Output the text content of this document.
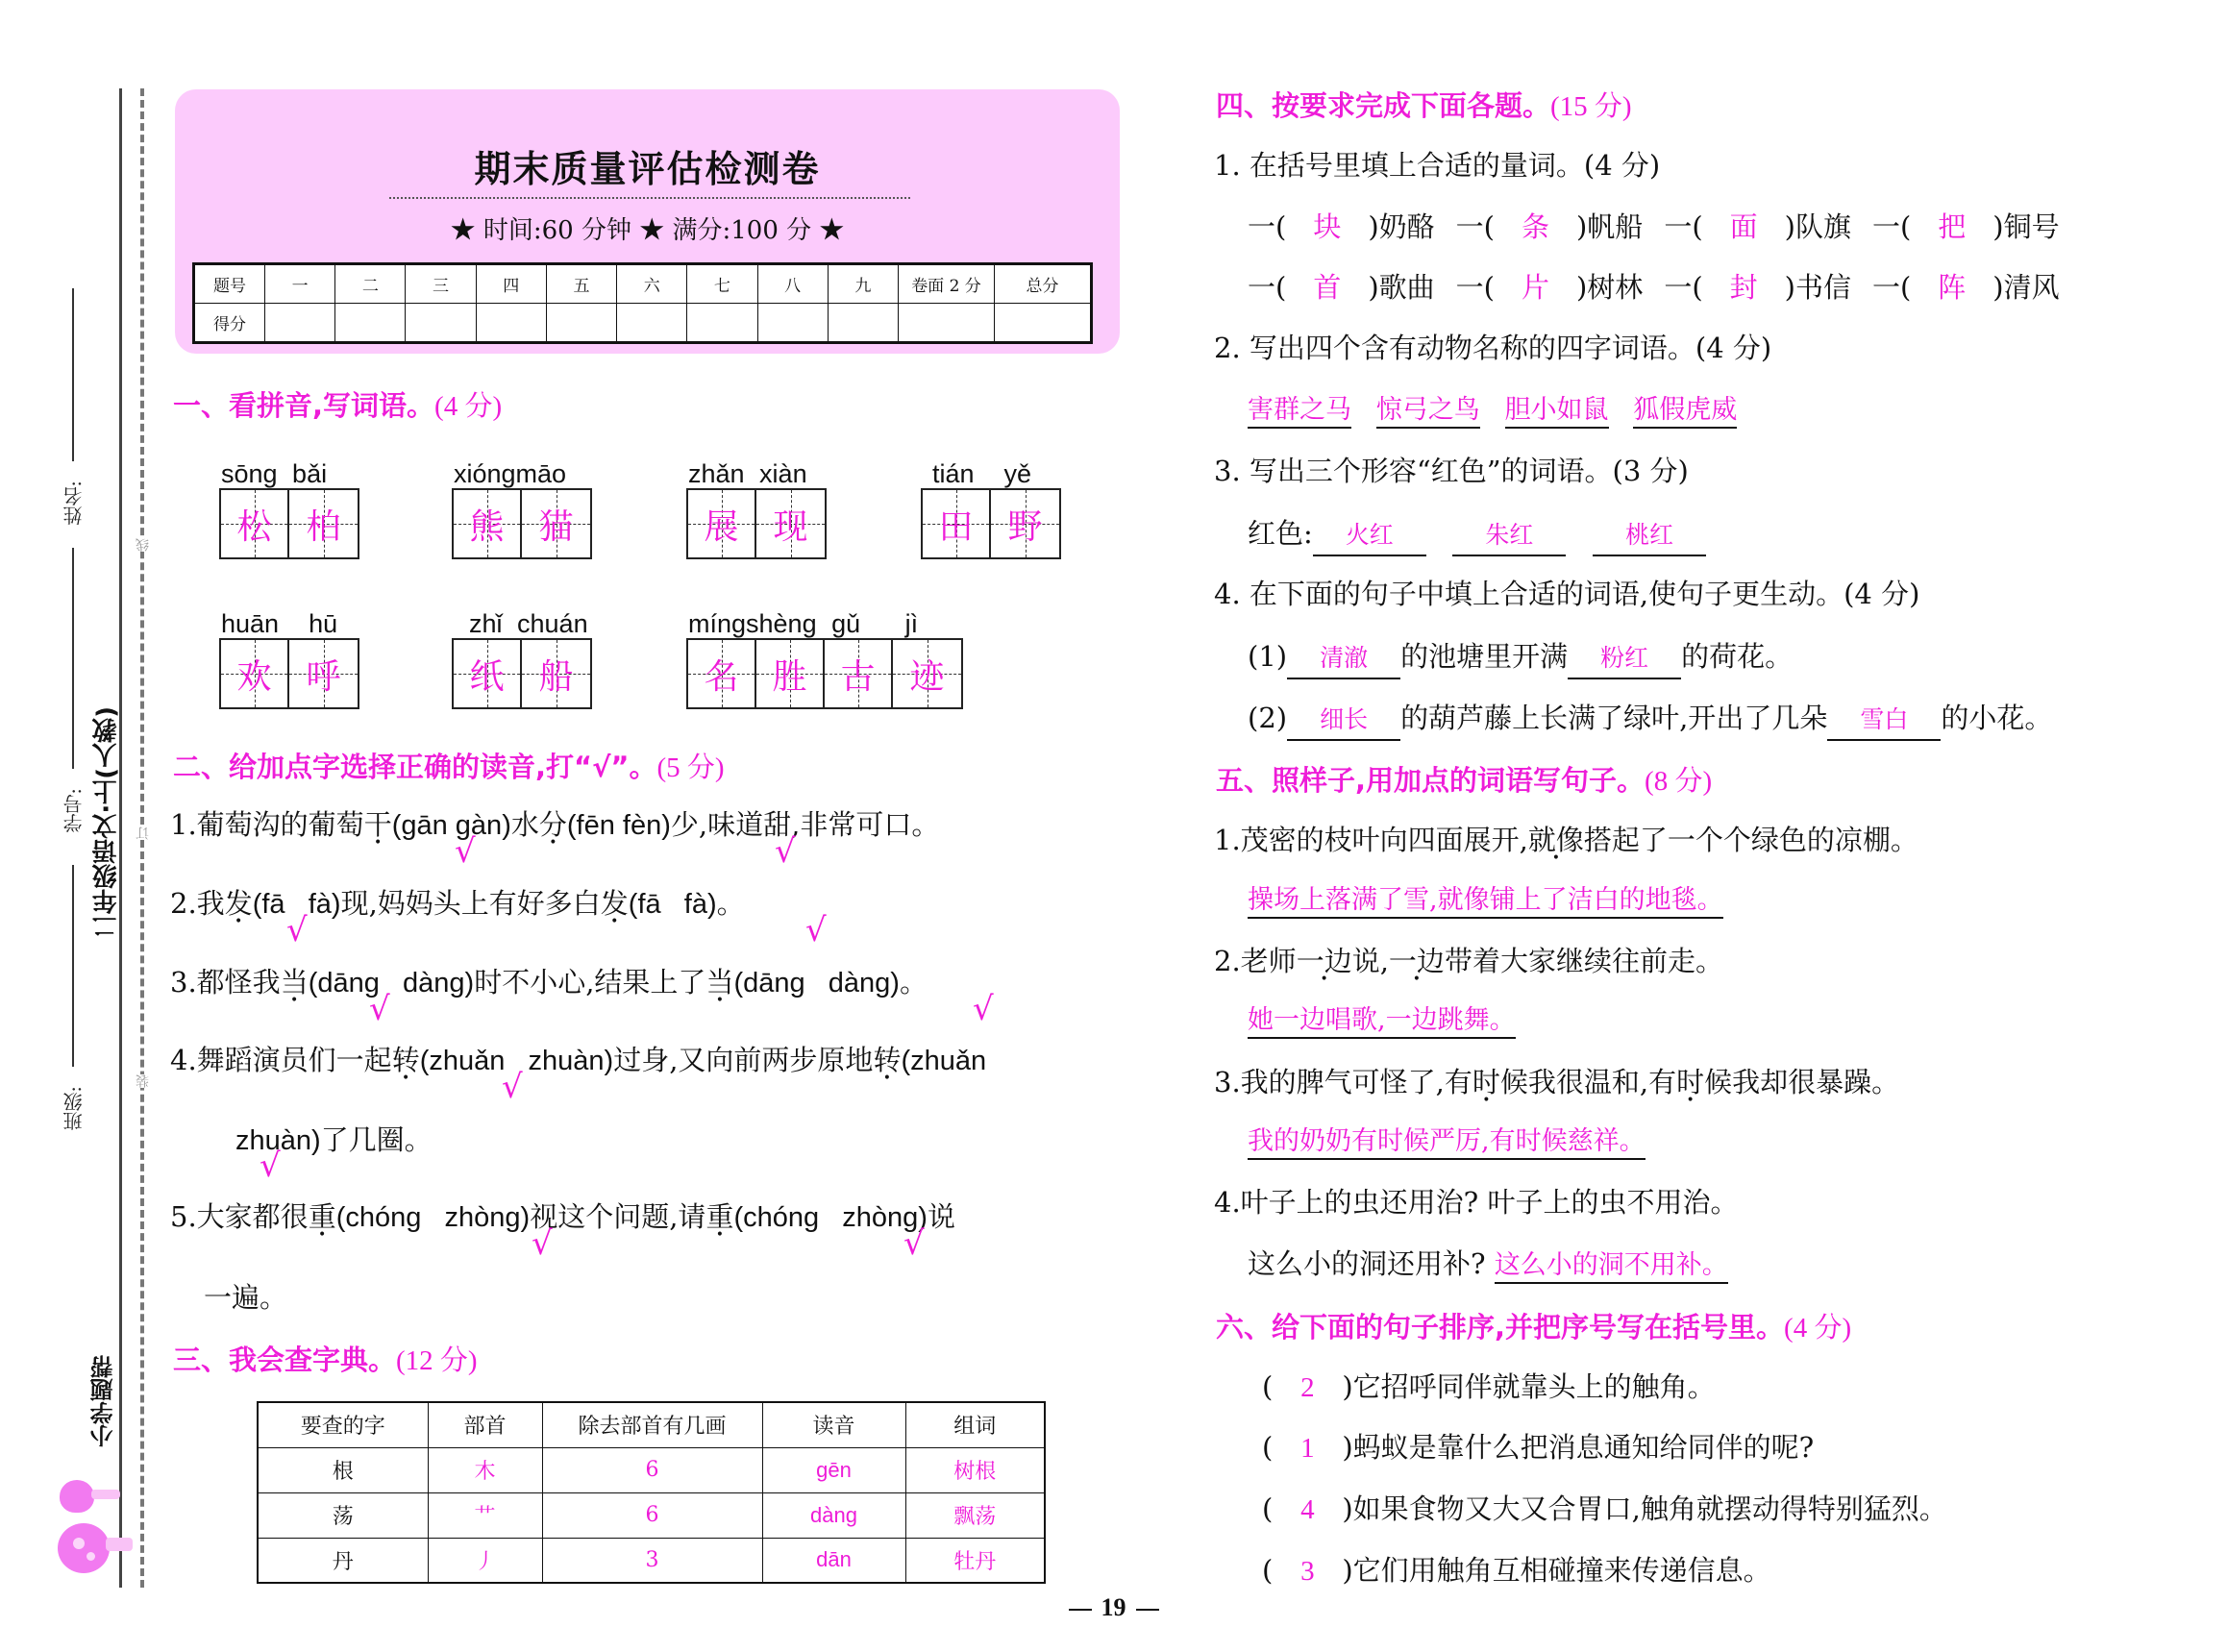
线
订
装
姓名:
学号:
班级:
二年级语文·上(人教)
小学题帮
期末质量评估检测卷
★ 时间:60 分钟 ★ 满分:100 分 ★
题号	一	二	三	四	五	六	七	八	九	卷面 2 分	总分
得分											
一、看拼音,写词语。(4 分)
sōng bǎi
松 柏
xióngmāo
熊 猫
zhǎn xiàn
展 现
tián  yě
田 野
huān  hū
欢 呼
zhǐ chuán
纸 船
míngshèng gǔ   jì
名 胜 古 迹
二、给加点字选择正确的读音,打“√”。(5 分)
1.葡萄沟的葡萄干(gān gàn)水分(fēn fèn)少,味道甜,非常可口。
√	√
2.我发(fā   fà)现,妈妈头上有好多白发(fā   fà)。
√	√
3.都怪我当(dāng   dàng)时不小心,结果上了当(dāng   dàng)。
√	√
4.舞蹈演员们一起转(zhuǎn   zhuàn)过身,又向前两步原地转(zhuǎn
√
zhuàn)了几圈。
√
5.大家都很重(chóng   zhòng)视这个问题,请重(chóng   zhòng)说
√	√
一遍。
三、我会查字典。(12 分)
要查的字	部首	除去部首有几画	读音	组词
根	木	6	gēn	树根
荡	艹	6	dàng	飘荡
丹	丿	3	dān	牡丹
四、按要求完成下面各题。(15 分)
1. 在括号里填上合适的量词。(4 分)
一( 块 )奶酪 一( 条 )帆船 一( 面 )队旗 一( 把 )铜号
一( 首 )歌曲 一( 片 )树林 一( 封 )书信 一( 阵 )清风
2. 写出四个含有动物名称的四字词语。(4 分)
害群之马 惊弓之鸟 胆小如鼠 狐假虎威
3. 写出三个形容“红色”的词语。(3 分)
红色: 火红	朱红	桃红
4. 在下面的句子中填上合适的词语,使句子更生动。(4 分)
(1) 清澈 的池塘里开满 粉红 的荷花。
(2) 细长 的葫芦藤上长满了绿叶,开出了几朵 雪白 的小花。
五、照样子,用加点的词语写句子。(8 分)
1.茂密的枝叶向四面展开,就像搭起了一个个绿色的凉棚。
操场上落满了雪,就像铺上了洁白的地毯。
2.老师一边说,一边带着大家继续往前走。
她一边唱歌,一边跳舞。
3.我的脾气可怪了,有时候我很温和,有时候我却很暴躁。
我的奶奶有时候严厉,有时候慈祥。
4.叶子上的虫还用治? 叶子上的虫不用治。
这么小的洞还用补? 这么小的洞不用补。
六、给下面的句子排序,并把序号写在括号里。(4 分)
( 2 )它招呼同伴就靠头上的触角。
( 1 )蚂蚁是靠什么把消息通知给同伴的呢?
( 4 )如果食物又大又合胃口,触角就摆动得特别猛烈。
( 3 )它们用触角互相碰撞来传递信息。
19
